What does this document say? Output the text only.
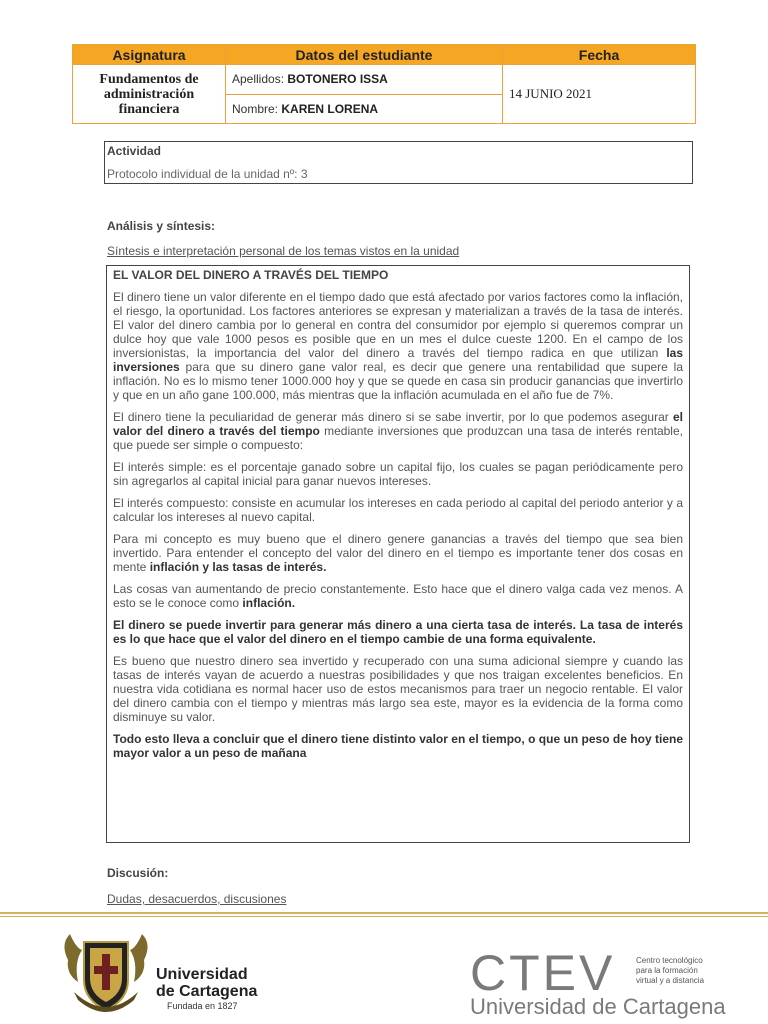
Asignatura	Datos del estudiante	Fecha
Fundamentos de administración financiera	Apellidos: BOTONERO ISSA	14 JUNIO 2021
	Nombre: KAREN LORENA	
Actividad
Protocolo individual de la unidad nº: 3
Análisis y síntesis:
Síntesis e interpretación personal de los temas vistos en la unidad
EL VALOR DEL DINERO A TRAVÉS DEL TIEMPO

El dinero tiene un valor diferente en el tiempo dado que está afectado por varios factores como la inflación, el riesgo, la oportunidad. Los factores anteriores se expresan y materializan a través de la tasa de interés. El valor del dinero cambia por lo general en contra del consumidor por ejemplo si queremos comprar un dulce hoy que vale 1000 pesos es posible que en un mes el dulce cueste 1200. En el campo de los inversionistas, la importancia del valor del dinero a través del tiempo radica en que utilizan las inversiones para que su dinero gane valor real, es decir que genere una rentabilidad que supere la inflación. No es lo mismo tener 1000.000 hoy y que se quede en casa sin producir ganancias que invertirlo y que en un año gane 100.000, más mientras que la inflación acumulada en el año fue de 7%.

El dinero tiene la peculiaridad de generar más dinero si se sabe invertir, por lo que podemos asegurar el valor del dinero a través del tiempo mediante inversiones que produzcan una tasa de interés rentable, que puede ser simple o compuesto:

El interés simple: es el porcentaje ganado sobre un capital fijo, los cuales se pagan periódicamente pero sin agregarlos al capital inicial para ganar nuevos intereses.

El interés compuesto: consiste en acumular los intereses en cada periodo al capital del periodo anterior y a calcular los intereses al nuevo capital.

Para mi concepto es muy bueno que el dinero genere ganancias a través del tiempo que sea bien invertido. Para entender el concepto del valor del dinero en el tiempo es importante tener dos cosas en mente inflación y las tasas de interés.

Las cosas van aumentando de precio constantemente. Esto hace que el dinero valga cada vez menos. A esto se le conoce como inflación.

El dinero se puede invertir para generar más dinero a una cierta tasa de interés. La tasa de interés es lo que hace que el valor del dinero en el tiempo cambie de una forma equivalente.

Es bueno que nuestro dinero sea invertido y recuperado con una suma adicional siempre y cuando las tasas de interés vayan de acuerdo a nuestras posibilidades y que nos traigan excelentes beneficios. En nuestra vida cotidiana es normal hacer uso de estos mecanismos para traer un negocio rentable. El valor del dinero cambia con el tiempo y mientras más largo sea este, mayor es la evidencia de la forma como disminuye su valor.

Todo esto lleva a concluir que el dinero tiene distinto valor en el tiempo, o que un peso de hoy tiene mayor valor a un peso de mañana

Discusión:
Dudas, desacuerdos, discusiones
Universidad
de Cartagena
Fundada en 1827
CTEV	Centro tecnológico
para la formación
virtual y a distancia
Universidad de Cartagena
